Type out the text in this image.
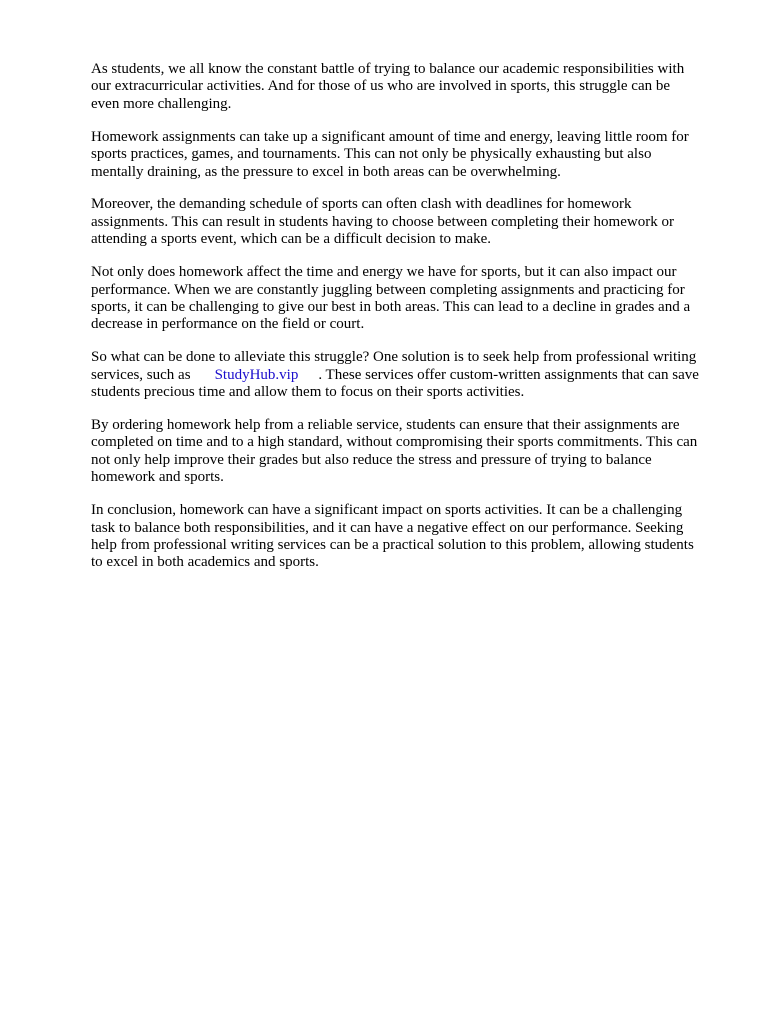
As students, we all know the constant battle of trying to balance our academic responsibilities with
our extracurricular activities. And for those of us who are involved in sports, this struggle can be
even more challenging.

Homework assignments can take up a significant amount of time and energy, leaving little room for
sports practices, games, and tournaments. This can not only be physically exhausting but also
mentally draining, as the pressure to excel in both areas can be overwhelming.

Moreover, the demanding schedule of sports can often clash with deadlines for homework
assignments. This can result in students having to choose between completing their homework or
attending a sports event, which can be a difficult decision to make.

Not only does homework affect the time and energy we have for sports, but it can also impact our
performance. When we are constantly juggling between completing assignments and practicing for
sports, it can be challenging to give our best in both areas. This can lead to a decline in grades and a
decrease in performance on the field or court.

So what can be done to alleviate this struggle? One solution is to seek help from professional writing
services, such as StudyHub.vip . These services offer custom-written assignments that can save
students precious time and allow them to focus on their sports activities.

By ordering homework help from a reliable service, students can ensure that their assignments are
completed on time and to a high standard, without compromising their sports commitments. This can
not only help improve their grades but also reduce the stress and pressure of trying to balance
homework and sports.

In conclusion, homework can have a significant impact on sports activities. It can be a challenging
task to balance both responsibilities, and it can have a negative effect on our performance. Seeking
help from professional writing services can be a practical solution to this problem, allowing students
to excel in both academics and sports.
